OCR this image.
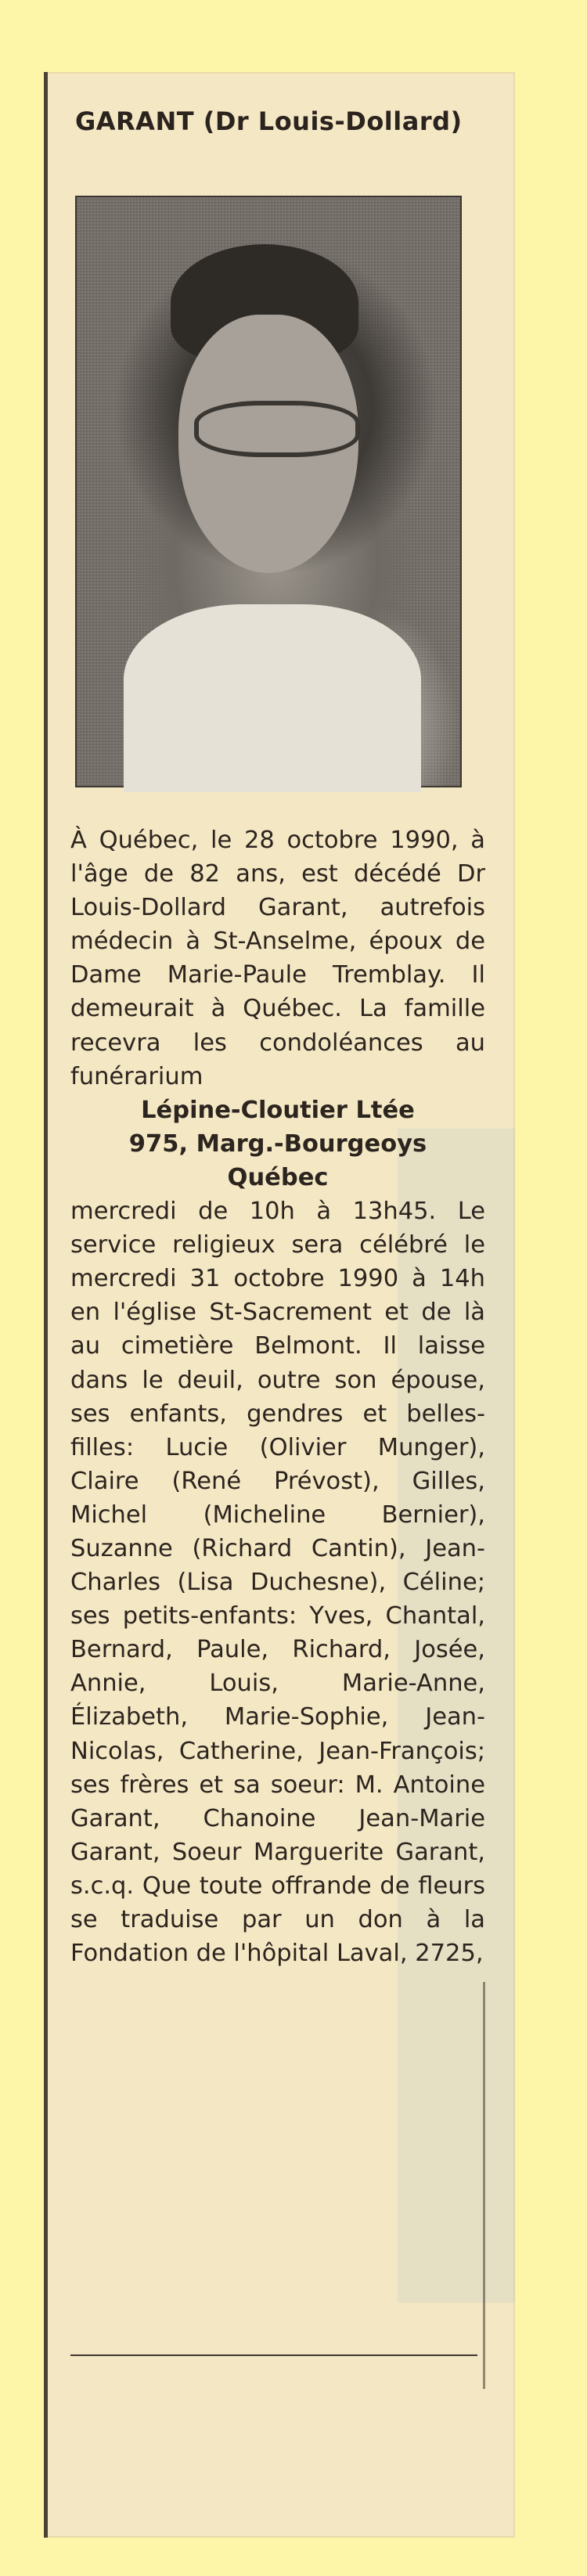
GARANT (Dr Louis-Dollard)

À Québec, le 28 octobre 1990, à l'âge de 82 ans, est décédé Dr Louis-Dollard Garant, autrefois médecin à St-Anselme, époux de Dame Marie-Paule Tremblay. Il demeurait à Québec. La famille recevra les condoléances au funérarium

Lépine-Cloutier Ltée

975, Marg.-Bourgeoys

Québec

mercredi de 10h à 13h45. Le service religieux sera célébré le mercredi 31 octobre 1990 à 14h en l'église St-Sacrement et de là au cimetière Belmont. Il laisse dans le deuil, outre son épouse, ses enfants, gendres et belles-filles: Lucie (Olivier Munger), Claire (René Prévost), Gilles, Michel (Micheline Bernier), Suzanne (Richard Cantin), Jean-Charles (Lisa Duchesne), Céline; ses petits-enfants: Yves, Chantal, Bernard, Paule, Richard, Josée, Annie, Louis, Marie-Anne, Élizabeth, Marie-Sophie, Jean-Nicolas, Catherine, Jean-François; ses frères et sa soeur: M. Antoine Garant, Chanoine Jean-Marie Garant, Soeur Marguerite Garant, s.c.q. Que toute offrande de fleurs se traduise par un don à la Fondation de l'hôpital Laval, 2725,
